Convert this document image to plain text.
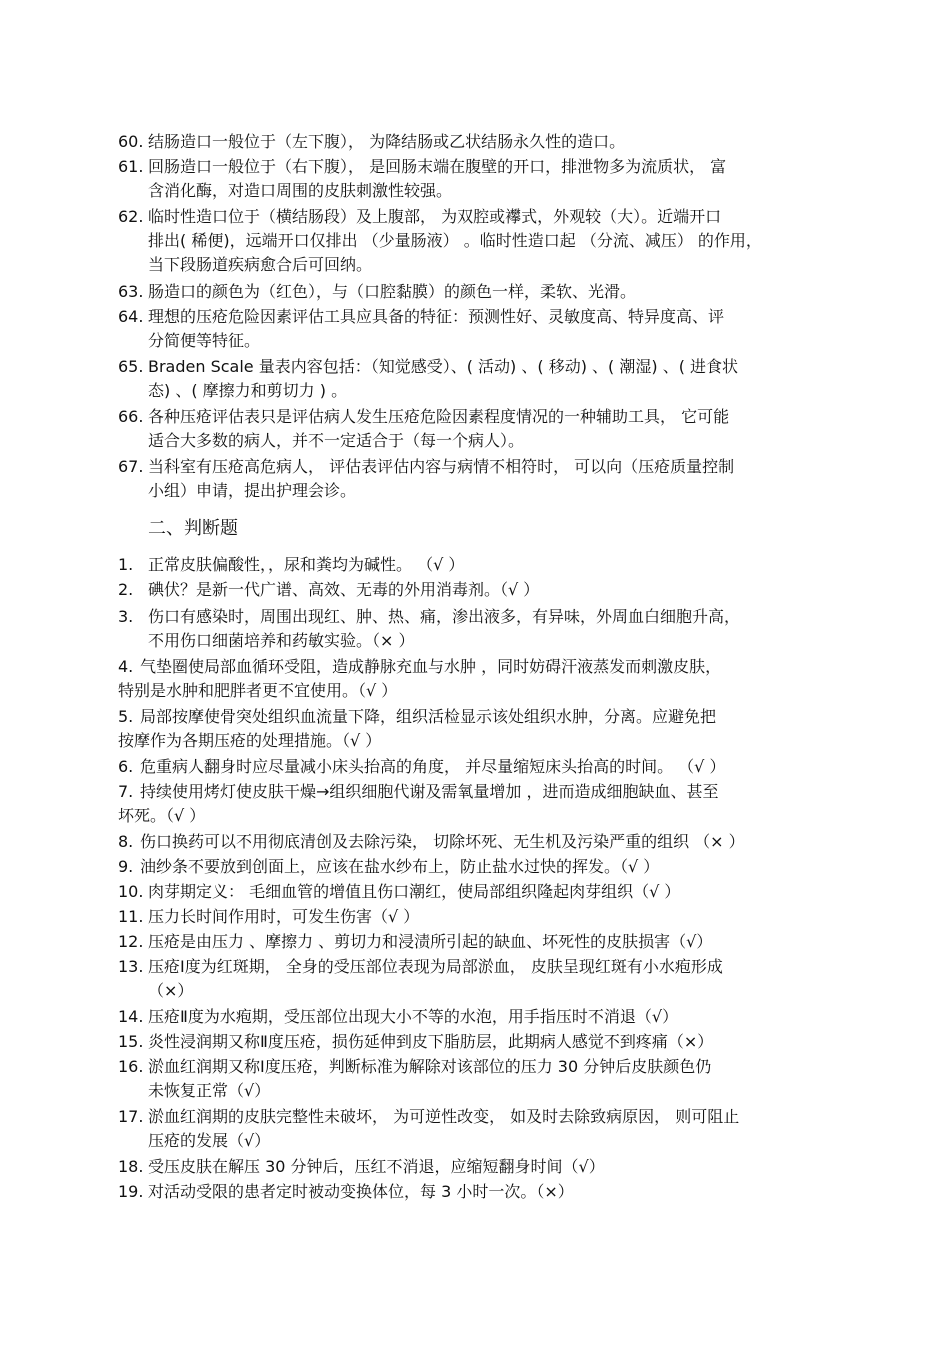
60. 结肠造口一般位于（左下腹）， 为降结肠或乙状结肠永久性的造口。
61. 回肠造口一般位于（右下腹）， 是回肠末端在腹壁的开口，排泄物多为流质状， 富
含消化酶，对造口周围的皮肤刺激性较强。
62. 临时性造口位于（横结肠段）及上腹部， 为双腔或襻式，外观较（大）。近端开口
排出( 稀便)，远端开口仅排出 （少量肠液） 。临时性造口起 （分流、减压） 的作用，
当下段肠道疾病愈合后可回纳。
63. 肠造口的颜色为（红色），与（口腔黏膜）的颜色一样，柔软、光滑。
64. 理想的压疮危险因素评估工具应具备的特征：预测性好、灵敏度高、特异度高、评
分简便等特征。
65. Braden Scale 量表内容包括：（知觉感受）、( 活动) 、( 移动) 、( 潮湿) 、( 进食状
态) 、( 摩擦力和剪切力 ) 。
66. 各种压疮评估表只是评估病人发生压疮危险因素程度情况的一种辅助工具， 它可能
适合大多数的病人，并不一定适合于（每一个病人）。
67. 当科室有压疮高危病人， 评估表评估内容与病情不相符时， 可以向（压疮质量控制
小组）申请，提出护理会诊。
二、判断题
1. 正常皮肤偏酸性，，尿和粪均为碱性。 （√ ）
2. 碘伏？是新一代广谱、高效、无毒的外用消毒剂。（√ ）
3. 伤口有感染时，周围出现红、肿、热、痛，渗出液多，有异味，外周血白细胞升高，
不用伤口细菌培养和药敏实验。（× ）
4. 气垫圈使局部血循环受阻，造成静脉充血与水肿 ，同时妨碍汗液蒸发而刺激皮肤，
特别是水肿和肥胖者更不宜使用。（√ ）
5. 局部按摩使骨突处组织血流量下降，组织活检显示该处组织水肿，分离。应避免把
按摩作为各期压疮的处理措施。（√ ）
6. 危重病人翻身时应尽量减小床头抬高的角度， 并尽量缩短床头抬高的时间。 （√ ）
7. 持续使用烤灯使皮肤干燥→组织细胞代谢及需氧量增加 ，进而造成细胞缺血、甚至
坏死。（√ ）
8. 伤口换药可以不用彻底清创及去除污染， 切除坏死、无生机及污染严重的组织 （× ）
9. 油纱条不要放到创面上，应该在盐水纱布上，防止盐水过快的挥发。（√ ）
10. 肉芽期定义： 毛细血管的增值且伤口潮红，使局部组织隆起肉芽组织（√ ）
11. 压力长时间作用时，可发生伤害（√ ）
12. 压疮是由压力 、摩擦力 、剪切力和浸渍所引起的缺血、坏死性的皮肤损害（√）
13. 压疮Ⅰ度为红斑期， 全身的受压部位表现为局部淤血， 皮肤呈现红斑有小水疱形成
（×）
14. 压疮Ⅱ度为水疱期，受压部位出现大小不等的水泡，用手指压时不消退（√）
15. 炎性浸润期又称Ⅱ度压疮，损伤延伸到皮下脂肪层，此期病人感觉不到疼痛（×）
16. 淤血红润期又称Ⅰ度压疮，判断标准为解除对该部位的压力 30 分钟后皮肤颜色仍
未恢复正常（√）
17. 淤血红润期的皮肤完整性未破坏， 为可逆性改变， 如及时去除致病原因， 则可阻止
压疮的发展（√）
18. 受压皮肤在解压 30 分钟后，压红不消退，应缩短翻身时间（√）
19. 对活动受限的患者定时被动变换体位，每 3 小时一次。（×）
